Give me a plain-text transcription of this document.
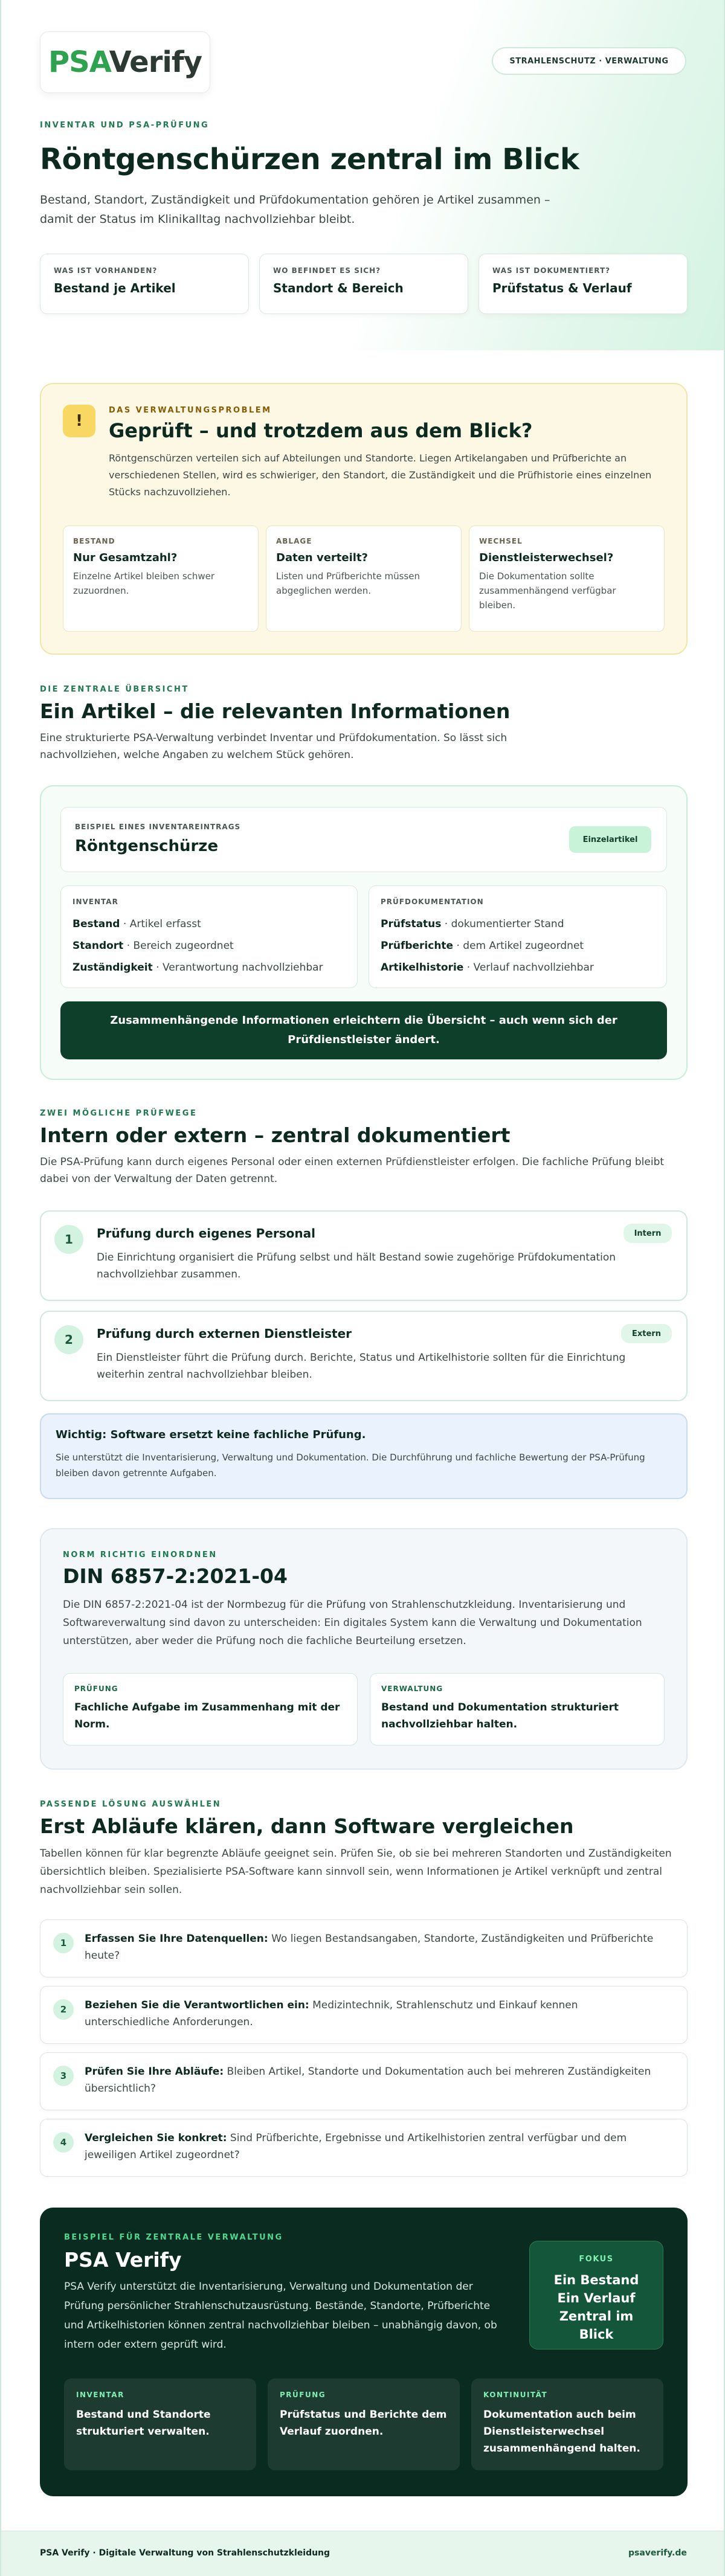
PSAVerify	STRAHLENSCHUTZ · VERWALTUNG
INVENTAR UND PSA-PRÜFUNG
Röntgenschürzen zentral im Blick
Bestand, Standort, Zuständigkeit und Prüfdokumentation gehören je Artikel zusammen – damit der Status im Klinikalltag nachvollziehbar bleibt.
WAS IST VORHANDEN?
Bestand je Artikel
WO BEFINDET ES SICH?
Standort & Bereich
WAS IST DOKUMENTIERT?
Prüfstatus & Verlauf
!
DAS VERWALTUNGSPROBLEM
Geprüft – und trotzdem aus dem Blick?
Röntgenschürzen verteilen sich auf Abteilungen und Standorte. Liegen Artikelangaben und Prüfberichte an verschiedenen Stellen, wird es schwieriger, den Standort, die Zuständigkeit und die Prüfhistorie eines einzelnen Stücks nachzuvollziehen.
BESTAND
Nur Gesamtzahl?
Einzelne Artikel bleiben schwer zuzuordnen.
ABLAGE
Daten verteilt?
Listen und Prüfberichte müssen abgeglichen werden.
WECHSEL
Dienstleisterwechsel?
Die Dokumentation sollte zusammenhängend verfügbar bleiben.
DIE ZENTRALE ÜBERSICHT
Ein Artikel – die relevanten Informationen
Eine strukturierte PSA-Verwaltung verbindet Inventar und Prüfdokumentation. So lässt sich nachvollziehen, welche Angaben zu welchem Stück gehören.
BEISPIEL EINES INVENTAREINTRAGS
Röntgenschürze	Einzelartikel
INVENTAR
Bestand · Artikel erfasst
Standort · Bereich zugeordnet
Zuständigkeit · Verantwortung nachvollziehbar
PRÜFDOKUMENTATION
Prüfstatus · dokumentierter Stand
Prüfberichte · dem Artikel zugeordnet
Artikelhistorie · Verlauf nachvollziehbar
Zusammenhängende Informationen erleichtern die Übersicht – auch wenn sich der Prüfdienstleister ändert.
ZWEI MÖGLICHE PRÜFWEGE
Intern oder extern – zentral dokumentiert
Die PSA-Prüfung kann durch eigenes Personal oder einen externen Prüfdienstleister erfolgen. Die fachliche Prüfung bleibt dabei von der Verwaltung der Daten getrennt.
1	Prüfung durch eigenes Personal	Intern
Die Einrichtung organisiert die Prüfung selbst und hält Bestand sowie zugehörige Prüfdokumentation nachvollziehbar zusammen.
2	Prüfung durch externen Dienstleister	Extern
Ein Dienstleister führt die Prüfung durch. Berichte, Status und Artikelhistorie sollten für die Einrichtung weiterhin zentral nachvollziehbar bleiben.
Wichtig: Software ersetzt keine fachliche Prüfung.
Sie unterstützt die Inventarisierung, Verwaltung und Dokumentation. Die Durchführung und fachliche Bewertung der PSA-Prüfung bleiben davon getrennte Aufgaben.
NORM RICHTIG EINORDNEN
DIN 6857-2:2021-04
Die DIN 6857-2:2021-04 ist der Normbezug für die Prüfung von Strahlenschutzkleidung. Inventarisierung und Softwareverwaltung sind davon zu unterscheiden: Ein digitales System kann die Verwaltung und Dokumentation unterstützen, aber weder die Prüfung noch die fachliche Beurteilung ersetzen.
PRÜFUNG
Fachliche Aufgabe im Zusammenhang mit der Norm.
VERWALTUNG
Bestand und Dokumentation strukturiert nachvollziehbar halten.
PASSENDE LÖSUNG AUSWÄHLEN
Erst Abläufe klären, dann Software vergleichen
Tabellen können für klar begrenzte Abläufe geeignet sein. Prüfen Sie, ob sie bei mehreren Standorten und Zuständigkeiten übersichtlich bleiben. Spezialisierte PSA-Software kann sinnvoll sein, wenn Informationen je Artikel verknüpft und zentral nachvollziehbar sein sollen.
1	Erfassen Sie Ihre Datenquellen: Wo liegen Bestandsangaben, Standorte, Zuständigkeiten und Prüfberichte heute?
2	Beziehen Sie die Verantwortlichen ein: Medizintechnik, Strahlenschutz und Einkauf kennen unterschiedliche Anforderungen.
3	Prüfen Sie Ihre Abläufe: Bleiben Artikel, Standorte und Dokumentation auch bei mehreren Zuständigkeiten übersichtlich?
4	Vergleichen Sie konkret: Sind Prüfberichte, Ergebnisse und Artikelhistorien zentral verfügbar und dem jeweiligen Artikel zugeordnet?
BEISPIEL FÜR ZENTRALE VERWALTUNG
PSA Verify
PSA Verify unterstützt die Inventarisierung, Verwaltung und Dokumentation der Prüfung persönlicher Strahlenschutzausrüstung. Bestände, Standorte, Prüfberichte und Artikelhistorien können zentral nachvollziehbar bleiben – unabhängig davon, ob intern oder extern geprüft wird.
FOKUS
Ein Bestand Ein Verlauf Zentral im Blick
INVENTAR
Bestand und Standorte strukturiert verwalten.
PRÜFUNG
Prüfstatus und Berichte dem Verlauf zuordnen.
KONTINUITÄT
Dokumentation auch beim Dienstleisterwechsel zusammenhängend halten.
PSA Verify · Digitale Verwaltung von Strahlenschutzkleidung	psaverify.de
